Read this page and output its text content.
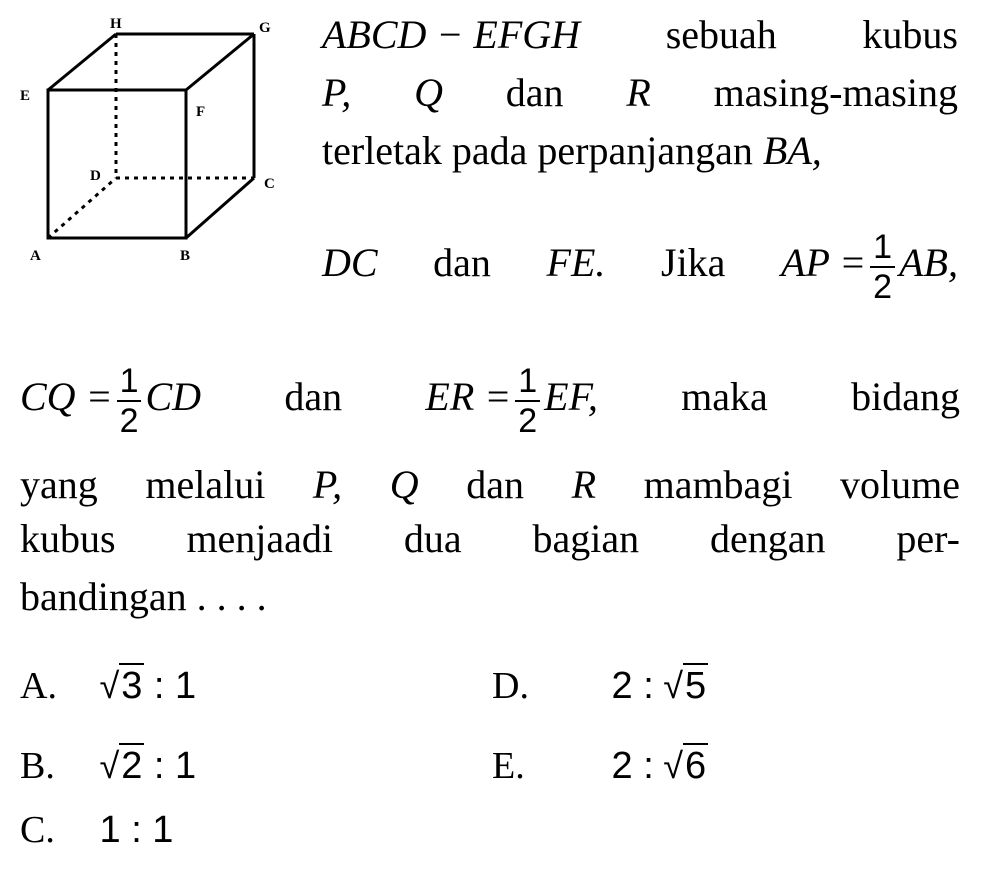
H	G
E
F
D	C
A	B
ABCD − EFGH sebuah kubus
P, Q dan R masing-masing
terletak pada perpanjangan BA,
DC dan FE. Jika AP = $\frac{1}{2}$ AB,
CQ = $\frac{1}{2}$ CD dan ER = $\frac{1}{2}$ EF, maka bidang
yang melalui P, Q dan R mambagi volume
kubus menjaadi dua bagian dengan per-
bandingan . . . .
A. √3 : 1
B. √2 : 1
C. 1 : 1
D. 2 : √5
E. 2 : √6
